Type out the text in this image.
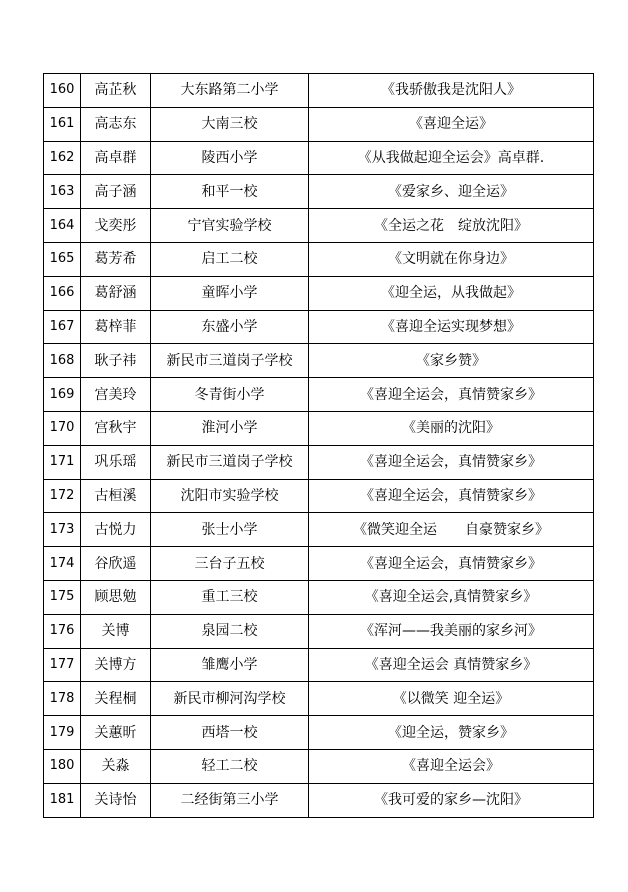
160	高芷秋	大东路第二小学	《我骄傲我是沈阳人》
161	高志东	大南三校	《喜迎全运》
162	高卓群	陵西小学	《从我做起迎全运会》高卓群.
163	高子涵	和平一校	《爱家乡、迎全运》
164	戈奕彤	宁官实验学校	《全运之花　绽放沈阳》
165	葛芳希	启工二校	《文明就在你身边》
166	葛舒涵	童晖小学	《迎全运，从我做起》
167	葛梓菲	东盛小学	《喜迎全运实现梦想》
168	耿子祎	新民市三道岗子学校	《家乡赞》
169	宫美玲	冬青街小学	《喜迎全运会，真情赞家乡》
170	宫秋宇	淮河小学	《美丽的沈阳》
171	巩乐瑶	新民市三道岗子学校	《喜迎全运会，真情赞家乡》
172	古桓溪	沈阳市实验学校	《喜迎全运会，真情赞家乡》
173	古悦力	张士小学	《微笑迎全运　　自豪赞家乡》
174	谷欣遥	三台子五校	《喜迎全运会，真情赞家乡》
175	顾思勉	重工三校	《喜迎全运会,真情赞家乡》
176	关博	泉园二校	《浑河——我美丽的家乡河》
177	关博方	雏鹰小学	《喜迎全运会 真情赞家乡》
178	关程桐	新民市柳河沟学校	《以微笑 迎全运》
179	关蕙昕	西塔一校	《迎全运，赞家乡》
180	关淼	轻工二校	《喜迎全运会》
181	关诗怡	二经街第三小学	《我可爱的家乡—沈阳》
